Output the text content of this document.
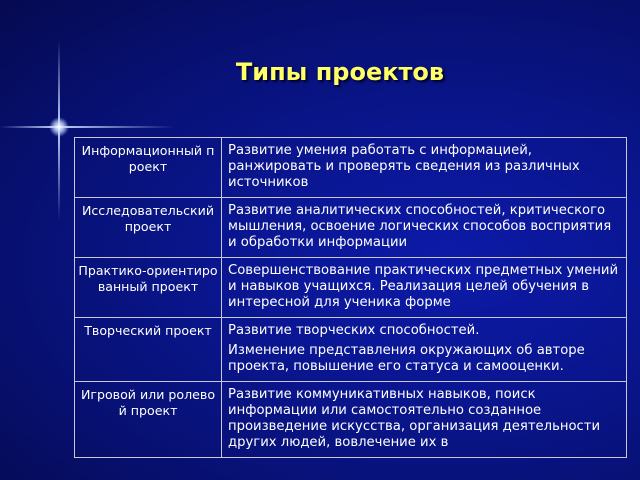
Типы проектов
Информационный проект	Развитие умения работать с информацией, ранжировать и проверять сведения из различных источников

Исследовательский проект	Развитие аналитических способностей, критического мышления, освоение логических способов восприятия и обработки информации

Практико-ориентированный проект	Совершенствование практических предметных умений и навыков учащихся. Реализация целей обучения в интересной для ученика форме

Творческий проект	Развитие творческих способностей.

Изменение представления окружающих об авторе проекта, повышение его статуса и самооценки.

Игровой или ролевой проект	Развитие коммуникативных навыков, поиск информации или самостоятельно созданное произведение искусства, организация деятельности других людей, вовлечение их в
